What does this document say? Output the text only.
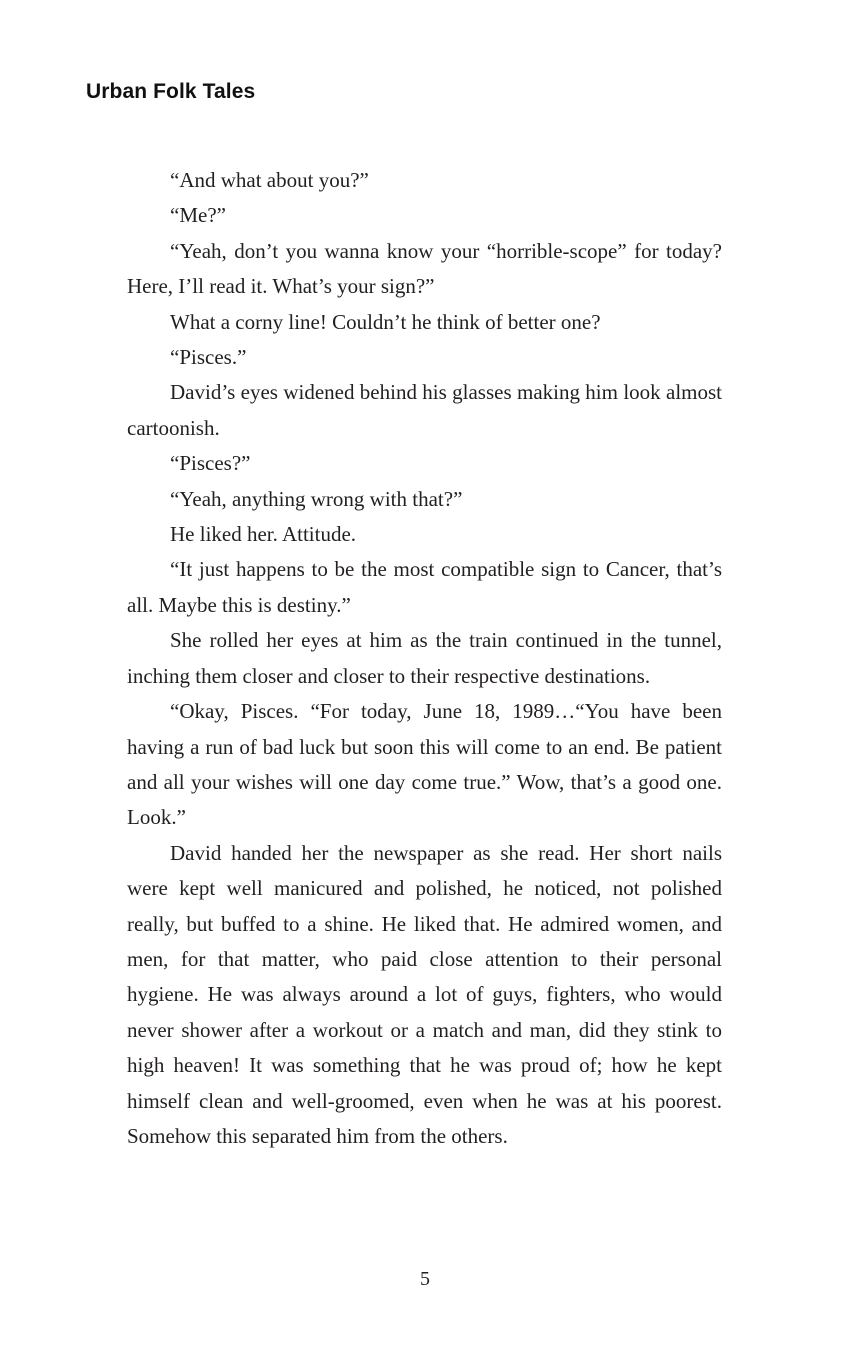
Urban Folk Tales

“And what about you?”

“Me?”

“Yeah, don’t you wanna know your “horrible-scope” for today? Here, I’ll read it. What’s your sign?”

What a corny line! Couldn’t he think of better one?

“Pisces.”

David’s eyes widened behind his glasses making him look almost cartoonish.

“Pisces?”

“Yeah, anything wrong with that?”

He liked her. Attitude.

“It just happens to be the most compatible sign to Cancer, that’s all. Maybe this is destiny.”

She rolled her eyes at him as the train continued in the tunnel, inching them closer and closer to their respective destinations.

“Okay, Pisces. “For today, June 18, 1989…“You have been having a run of bad luck but soon this will come to an end. Be patient and all your wishes will one day come true.” Wow, that’s a good one. Look.”

David handed her the newspaper as she read. Her short nails were kept well manicured and polished, he noticed, not polished really, but buffed to a shine. He liked that. He admired women, and men, for that matter, who paid close attention to their personal hygiene. He was always around a lot of guys, fighters, who would never shower after a workout or a match and man, did they stink to high heaven! It was something that he was proud of; how he kept himself clean and well-groomed, even when he was at his poorest. Somehow this separated him from the others.

5
